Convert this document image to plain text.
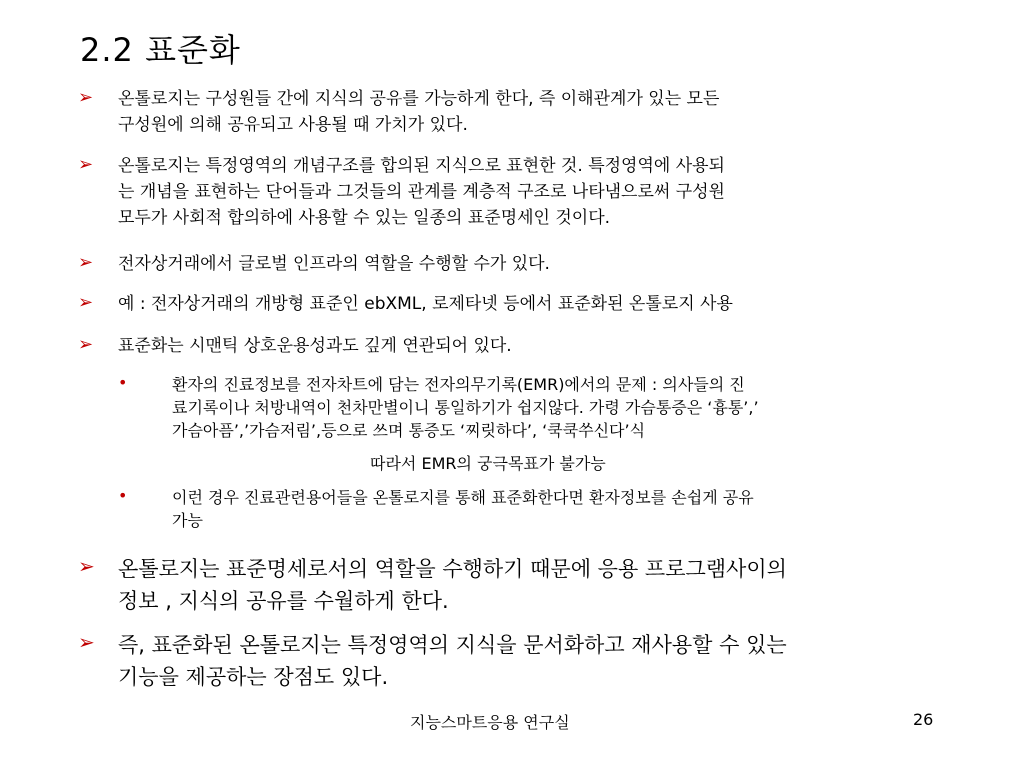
2.2 표준화
➢ 온톨로지는 구성원들 간에 지식의 공유를 가능하게 한다, 즉 이해관계가 있는 모든

구성원에 의해 공유되고 사용될 때 가치가 있다.

➢ 온톨로지는 특정영역의 개념구조를 합의된 지식으로 표현한 것. 특정영역에 사용되

는 개념을 표현하는 단어들과 그것들의 관계를 계층적 구조로 나타냄으로써 구성원

모두가 사회적 합의하에 사용할 수 있는 일종의 표준명세인 것이다.

➢ 전자상거래에서 글로벌 인프라의 역할을 수행할 수가 있다.

➢ 예 : 전자상거래의 개방형 표준인 ebXML, 로제타넷 등에서 표준화된 온톨로지 사용

➢ 표준화는 시맨틱 상호운용성과도 깊게 연관되어 있다.

•	환자의 진료정보를 전자차트에 담는 전자의무기록(EMR)에서의 문제 : 의사들의 진

료기록이나 처방내역이 천차만별이니 통일하기가 쉽지않다. 가령 가슴통증은 ‘흉통’,’

가슴아픔’,’가슴저림’,등으로 쓰며 통증도 ‘찌릿하다’, ‘쿡쿡쑤신다’식

따라서 EMR의 궁극목표가 불가능
•	이런 경우 진료관련용어들을 온톨로지를 통해 표준화한다면 환자정보를 손쉽게 공유

가능

➢ 온톨로지는 표준명세로서의 역할을 수행하기 때문에 응용 프로그램사이의

정보 , 지식의 공유를 수월하게 한다.

➢ 즉, 표준화된 온톨로지는 특정영역의 지식을 문서화하고 재사용할 수 있는

기능을 제공하는 장점도 있다.

지능스마트응용 연구실	26
